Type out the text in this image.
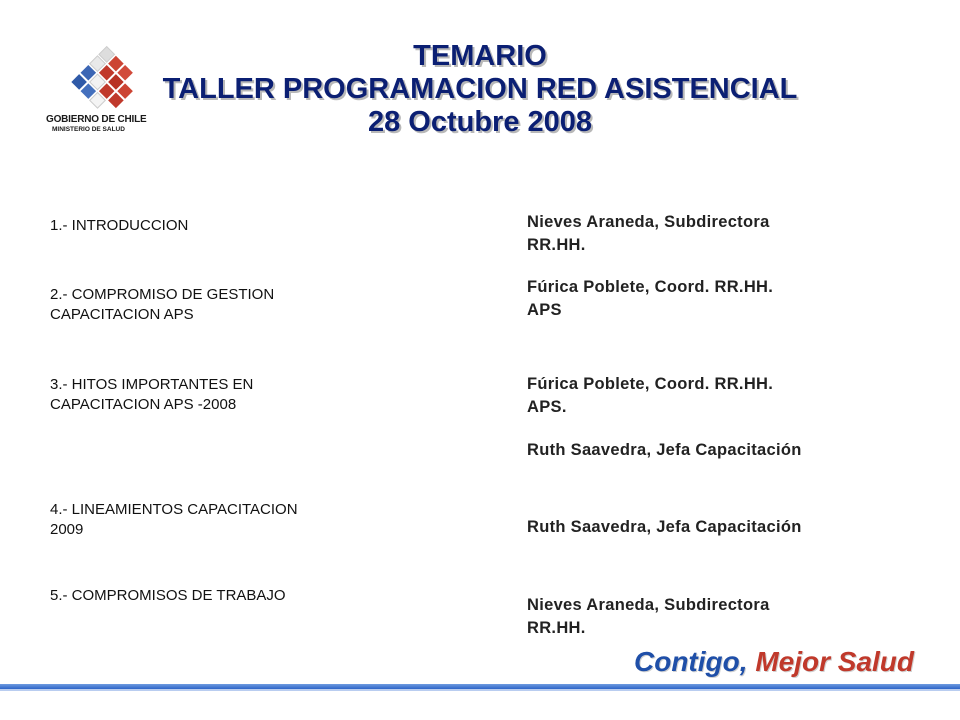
GOBIERNO DE CHILE
MINISTERIO DE SALUD
TEMARIO
TALLER PROGRAMACION RED ASISTENCIAL
28 Octubre 2008
1.- INTRODUCCION
2.- COMPROMISO DE GESTION
CAPACITACION APS
3.- HITOS IMPORTANTES EN
CAPACITACION APS -2008
4.- LINEAMIENTOS CAPACITACION
2009
5.- COMPROMISOS DE TRABAJO
Nieves Araneda, Subdirectora
RR.HH.
Fúrica Poblete, Coord. RR.HH.
APS
Fúrica Poblete, Coord. RR.HH.
APS.
Ruth Saavedra, Jefa Capacitación
Ruth Saavedra, Jefa Capacitación
Nieves Araneda, Subdirectora
RR.HH.
Contigo, Mejor Salud
